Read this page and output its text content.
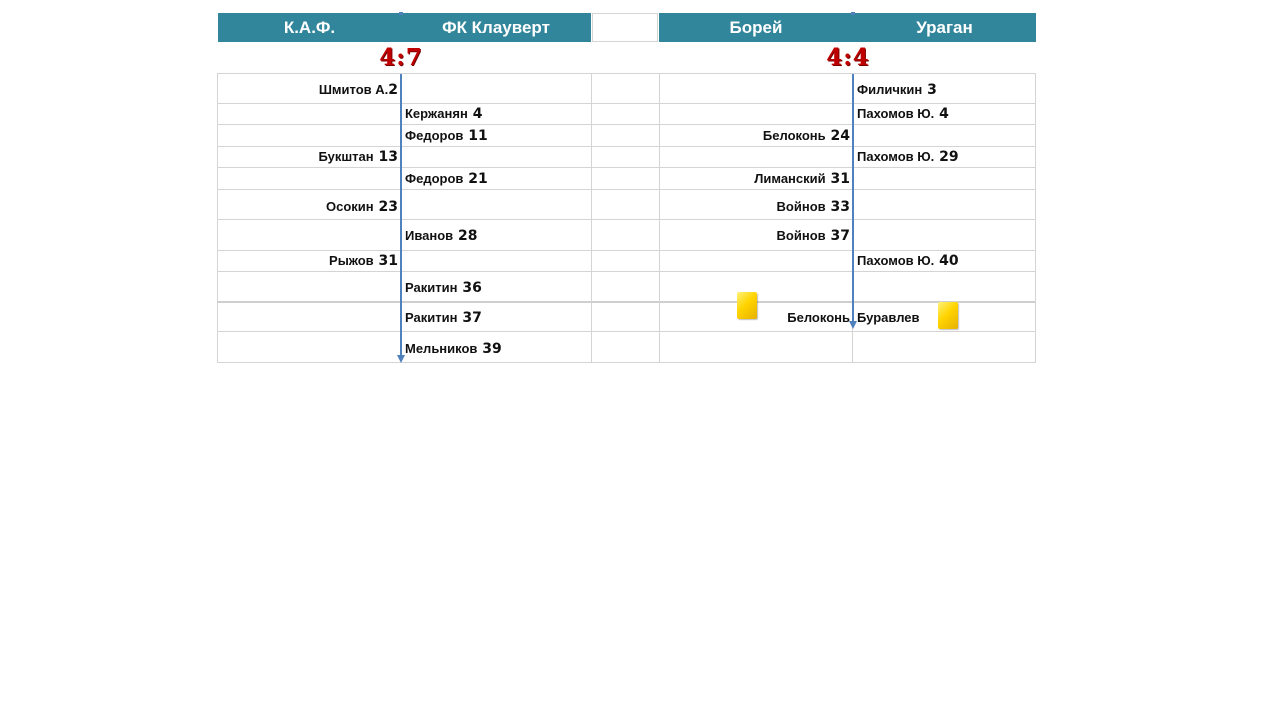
К.А.Ф.	ФК Клауверт
4:7
Борей	Ураган
4:4
Шмитов А.2
Кержанян 4
Федоров 11
Букштан 13
Федоров 21
Осокин 23
Иванов 28
Рыжов 31
Ракитин 36
Ракитин 37
Мельников 39
Филичкин 3
Пахомов Ю. 4
Белоконь 24
Пахомов Ю. 29
Лиманский 31
Войнов 33
Войнов 37
Пахомов Ю. 40
Белоконь Буравлев
